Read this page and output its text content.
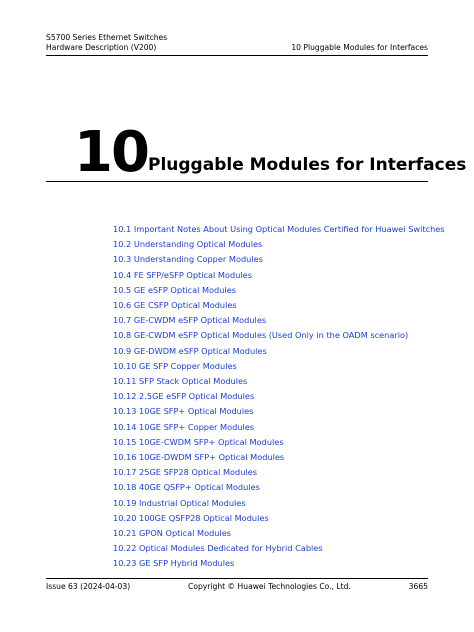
S5700 Series Ethernet Switches
Hardware Description (V200)	10 Pluggable Modules for Interfaces
10 Pluggable Modules for Interfaces
10.1 Important Notes About Using Optical Modules Certified for Huawei Switches
10.2 Understanding Optical Modules
10.3 Understanding Copper Modules
10.4 FE SFP/eSFP Optical Modules
10.5 GE eSFP Optical Modules
10.6 GE CSFP Optical Modules
10.7 GE-CWDM eSFP Optical Modules
10.8 GE-CWDM eSFP Optical Modules (Used Only in the OADM scenario)
10.9 GE-DWDM eSFP Optical Modules
10.10 GE SFP Copper Modules
10.11 SFP Stack Optical Modules
10.12 2.5GE eSFP Optical Modules
10.13 10GE SFP+ Optical Modules
10.14 10GE SFP+ Copper Modules
10.15 10GE-CWDM SFP+ Optical Modules
10.16 10GE-DWDM SFP+ Optical Modules
10.17 25GE SFP28 Optical Modules
10.18 40GE QSFP+ Optical Modules
10.19 Industrial Optical Modules
10.20 100GE QSFP28 Optical Modules
10.21 GPON Optical Modules
10.22 Optical Modules Dedicated for Hybrid Cables
10.23 GE SFP Hybrid Modules
Issue 63 (2024-04-03)	Copyright © Huawei Technologies Co., Ltd.	3665
